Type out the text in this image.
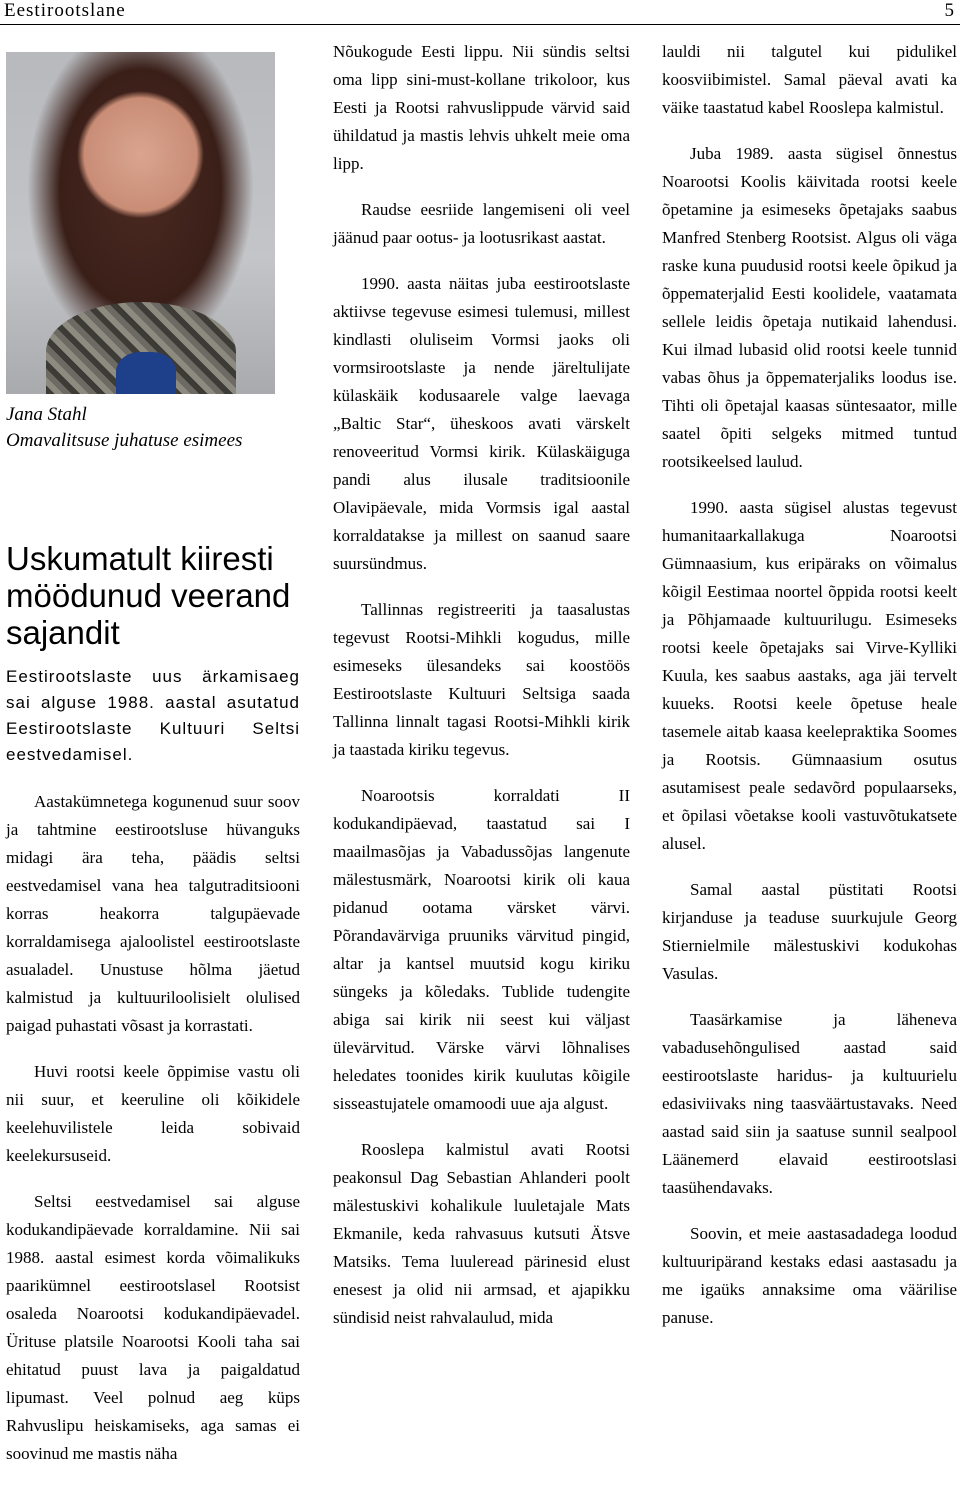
Eestirootslane	5
Jana Stahl
Omavalitsuse juhatuse esimees
Uskumatult kiiresti möödunud veerand sajandit

Eestirootslaste uus ärkamisaeg sai alguse 1988. aastal asutatud Eestirootslaste Kultuuri Seltsi eestvedamisel.

Aastakümnetega kogunenud suur soov ja tahtmine eestirootsluse hüvanguks midagi ära teha, päädis seltsi eestvedamisel vana hea talgutraditsiooni korras heakorra talgupäevade korraldamisega ajaloolistel eestirootslaste asualadel. Unustuse hõlma jäetud kalmistud ja kultuuriloolisielt olulised paigad puhastati võsast ja korrastati.

Huvi rootsi keele õppimise vastu oli nii suur, et keeruline oli kõikidele keelehuvilistele leida sobivaid keelekursuseid.

Seltsi eestvedamisel sai alguse kodukandipäevade korraldamine. Nii sai 1988. aastal esimest korda võimalikuks paarikümnel eestirootslasel Rootsist osaleda Noarootsi kodukandipäevadel. Ürituse platsile Noarootsi Kooli taha sai ehitatud puust lava ja paigaldatud lipumast. Veel polnud aeg küps Rahvuslipu heiskamiseks, aga samas ei soovinud me mastis näha

Nõukogude Eesti lippu. Nii sündis seltsi oma lipp sini-must-kollane trikoloor, kus Eesti ja Rootsi rahvuslippude värvid said ühildatud ja mastis lehvis uhkelt meie oma lipp.

Raudse eesriide langemiseni oli veel jäänud paar ootus- ja lootusrikast aastat.

1990. aasta näitas juba eestirootslaste aktiivse tegevuse esimesi tulemusi, millest kindlasti oluliseim Vormsi jaoks oli vormsirootslaste ja nende järeltulijate külaskäik kodusaarele valge laevaga „Baltic Star“, üheskoos avati värskelt renoveeritud Vormsi kirik. Külaskäiguga pandi alus ilusale traditsioonile Olavipäevale, mida Vormsis igal aastal korraldatakse ja millest on saanud saare suursündmus.

Tallinnas registreeriti ja taasalustas tegevust Rootsi-Mihkli kogudus, mille esimeseks ülesandeks sai koostöös Eestirootslaste Kultuuri Seltsiga saada Tallinna linnalt tagasi Rootsi-Mihkli kirik ja taastada kiriku tegevus.

Noarootsis korraldati II kodukandipäevad, taastatud sai I maailmasõjas ja Vabadussõjas langenute mälestusmärk, Noarootsi kirik oli kaua pidanud ootama värsket värvi. Põrandavärviga pruuniks värvitud pingid, altar ja kantsel muutsid kogu kiriku süngeks ja kõledaks. Tublide tudengite abiga sai kirik nii seest kui väljast ülevärvitud. Värske värvi lõhnalises heledates toonides kirik kuulutas kõigile sisseastujatele omamoodi uue aja algust.

Rooslepa kalmistul avati Rootsi peakonsul Dag Sebastian Ahlanderi poolt mälestuskivi kohalikule luuletajale Mats Ekmanile, keda rahvasuus kutsuti Ätsve Matsiks. Tema luuleread pärinesid elust enesest ja olid nii armsad, et ajapikku sündisid neist rahvalaulud, mida

lauldi nii talgutel kui pidulikel koosviibimistel. Samal päeval avati ka väike taastatud kabel Rooslepa kalmistul.

Juba 1989. aasta sügisel õnnestus Noarootsi Koolis käivitada rootsi keele õpetamine ja esimeseks õpetajaks saabus Manfred Stenberg Rootsist. Algus oli väga raske kuna puudusid rootsi keele õpikud ja õppematerjalid Eesti koolidele, vaatamata sellele leidis õpetaja nutikaid lahendusi. Kui ilmad lubasid olid rootsi keele tunnid vabas õhus ja õppematerjaliks loodus ise. Tihti oli õpetajal kaasas süntesaator, mille saatel õpiti selgeks mitmed tuntud rootsikeelsed laulud.

1990. aasta sügisel alustas tegevust humanitaarkallakuga Noarootsi Gümnaasium, kus eripäraks on võimalus kõigil Eestimaa noortel õppida rootsi keelt ja Põhjamaade kultuurilugu. Esimeseks rootsi keele õpetajaks sai Virve-Kylliki Kuula, kes saabus aastaks, aga jäi tervelt kuueks. Rootsi keele õpetuse heale tasemele aitab kaasa keelepraktika Soomes ja Rootsis. Gümnaasium osutus asutamisest peale sedavõrd populaarseks, et õpilasi võetakse kooli vastuvõtukatsete alusel.

Samal aastal püstitati Rootsi kirjanduse ja teaduse suurkujule Georg Stiernielmile mälestuskivi kodukohas Vasulas.

Taasärkamise ja läheneva vabadusehõngulised aastad said eestirootslaste haridus- ja kultuurielu edasiviivaks ning taasväärtustavaks. Need aastad said siin ja saatuse sunnil sealpool Läänemerd elavaid eestirootslasi taasühendavaks.

Soovin, et meie aastasadadega loodud kultuuripärand kestaks edasi aastasadu ja me igaüks annaksime oma väärilise panuse.
